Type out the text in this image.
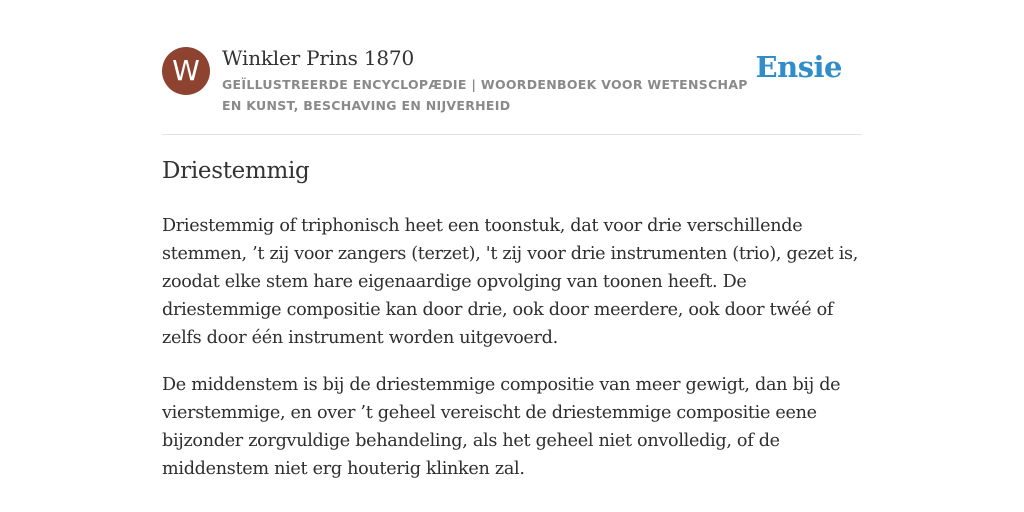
W	Winkler Prins 1870
GEÏLLUSTREERDE ENCYCLOPÆDIE | WOORDENBOEK VOOR WETENSCHAP EN KUNST, BESCHAVING EN NIJVERHEID
Ensie
Driestemmig

Driestemmig of triphonisch heet een toonstuk, dat voor drie verschillende stemmen, ’t zij voor zangers (terzet), 't zij voor drie instrumenten (trio), gezet is, zoodat elke stem hare eigenaardige opvolging van toonen heeft. De driestemmige compositie kan door drie, ook door meerdere, ook door twéé of zelfs door één instrument worden uitgevoerd.

De middenstem is bij de driestemmige compositie van meer gewigt, dan bij de vierstemmige, en over ’t geheel vereischt de driestemmige compositie eene bijzonder zorgvuldige behandeling, als het geheel niet onvolledig, of de middenstem niet erg houterig klinken zal.
